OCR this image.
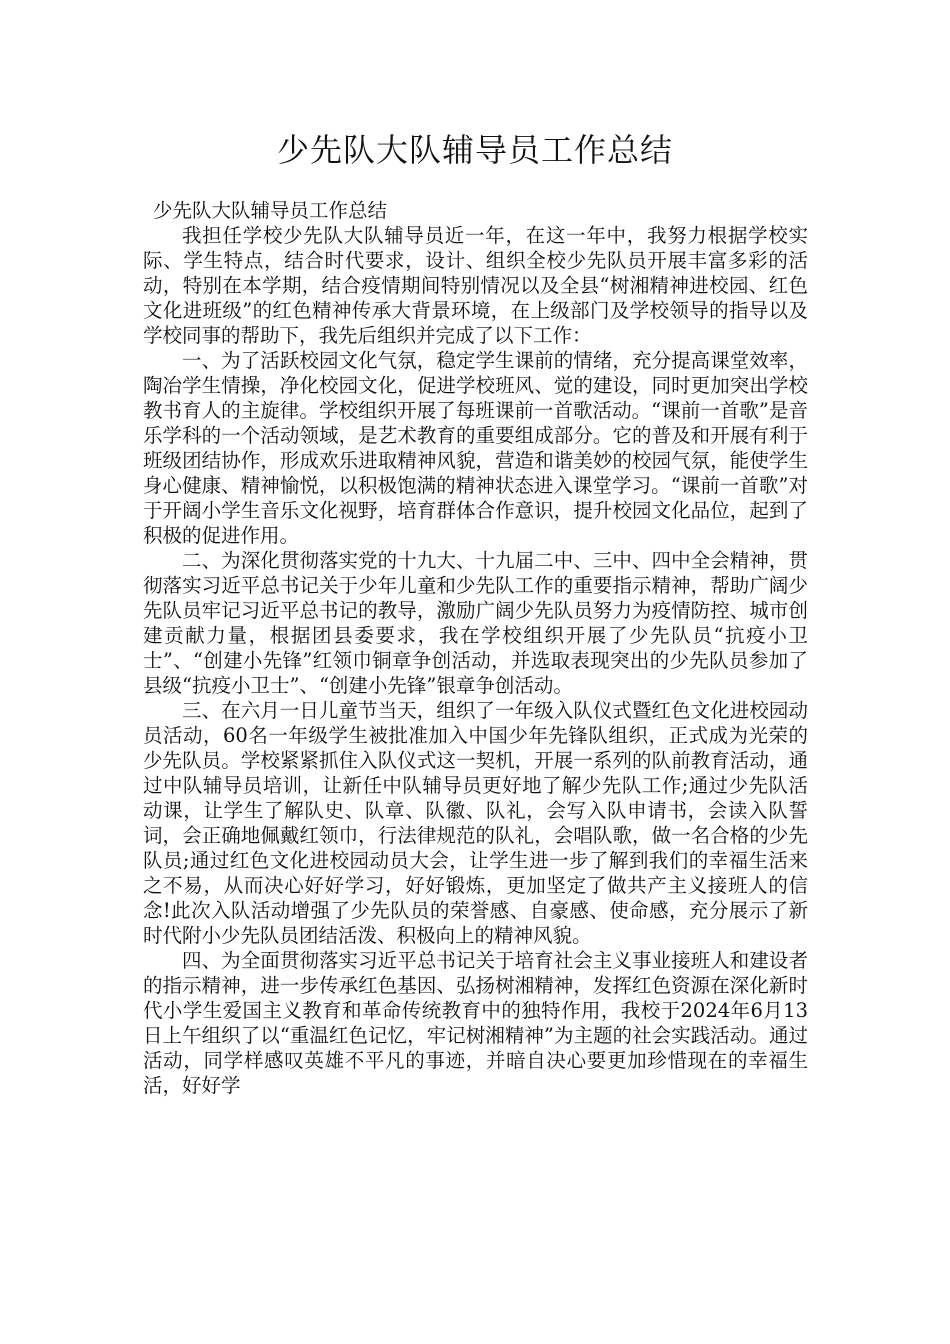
少先队大队辅导员工作总结

少先队大队辅导员工作总结

我担任学校少先队大队辅导员近一年，在这一年中，我努力根据学校实际、学生特点，结合时代要求，设计、组织全校少先队员开展丰富多彩的活动，特别在本学期，结合疫情期间特别情况以及全县“树湘精神进校园、红色文化进班级”的红色精神传承大背景环境，在上级部门及学校领导的指导以及学校同事的帮助下，我先后组织并完成了以下工作：

一、为了活跃校园文化气氛，稳定学生课前的情绪，充分提高课堂效率，陶冶学生情操，净化校园文化，促进学校班风、觉的建设，同时更加突出学校教书育人的主旋律。学校组织开展了每班课前一首歌活动。“课前一首歌”是音乐学科的一个活动领域，是艺术教育的重要组成部分。它的普及和开展有利于班级团结协作，形成欢乐进取精神风貌，营造和谐美妙的校园气氛，能使学生身心健康、精神愉悦，以积极饱满的精神状态进入课堂学习。“课前一首歌”对于开阔小学生音乐文化视野，培育群体合作意识，提升校园文化品位，起到了积极的促进作用。

二、为深化贯彻落实党的十九大、十九届二中、三中、四中全会精神，贯彻落实习近平总书记关于少年儿童和少先队工作的重要指示精神，帮助广阔少先队员牢记习近平总书记的教导，激励广阔少先队员努力为疫情防控、城市创建贡献力量，根据团县委要求，我在学校组织开展了少先队员“抗疫小卫士”、“创建小先锋”红领巾铜章争创活动，并选取表现突出的少先队员参加了县级“抗疫小卫士”、“创建小先锋”银章争创活动。

三、在六月一日儿童节当天，组织了一年级入队仪式暨红色文化进校园动员活动，60名一年级学生被批准加入中国少年先锋队组织，正式成为光荣的少先队员。学校紧紧抓住入队仪式这一契机，开展一系列的队前教育活动，通过中队辅导员培训，让新任中队辅导员更好地了解少先队工作;通过少先队活动课，让学生了解队史、队章、队徽、队礼，会写入队申请书，会读入队誓词，会正确地佩戴红领巾，行法律规范的队礼，会唱队歌，做一名合格的少先队员;通过红色文化进校园动员大会，让学生进一步了解到我们的幸福生活来之不易，从而决心好好学习，好好锻炼，更加坚定了做共产主义接班人的信念!此次入队活动增强了少先队员的荣誉感、自豪感、使命感，充分展示了新时代附小少先队员团结活泼、积极向上的精神风貌。

四、为全面贯彻落实习近平总书记关于培育社会主义事业接班人和建设者的指示精神，进一步传承红色基因、弘扬树湘精神，发挥红色资源在深化新时代小学生爱国主义教育和革命传统教育中的独特作用，我校于2024年6月13日上午组织了以“重温红色记忆，牢记树湘精神”为主题的社会实践活动。通过活动，同学样感叹英雄不平凡的事迹，并暗自决心要更加珍惜现在的幸福生活，好好学
